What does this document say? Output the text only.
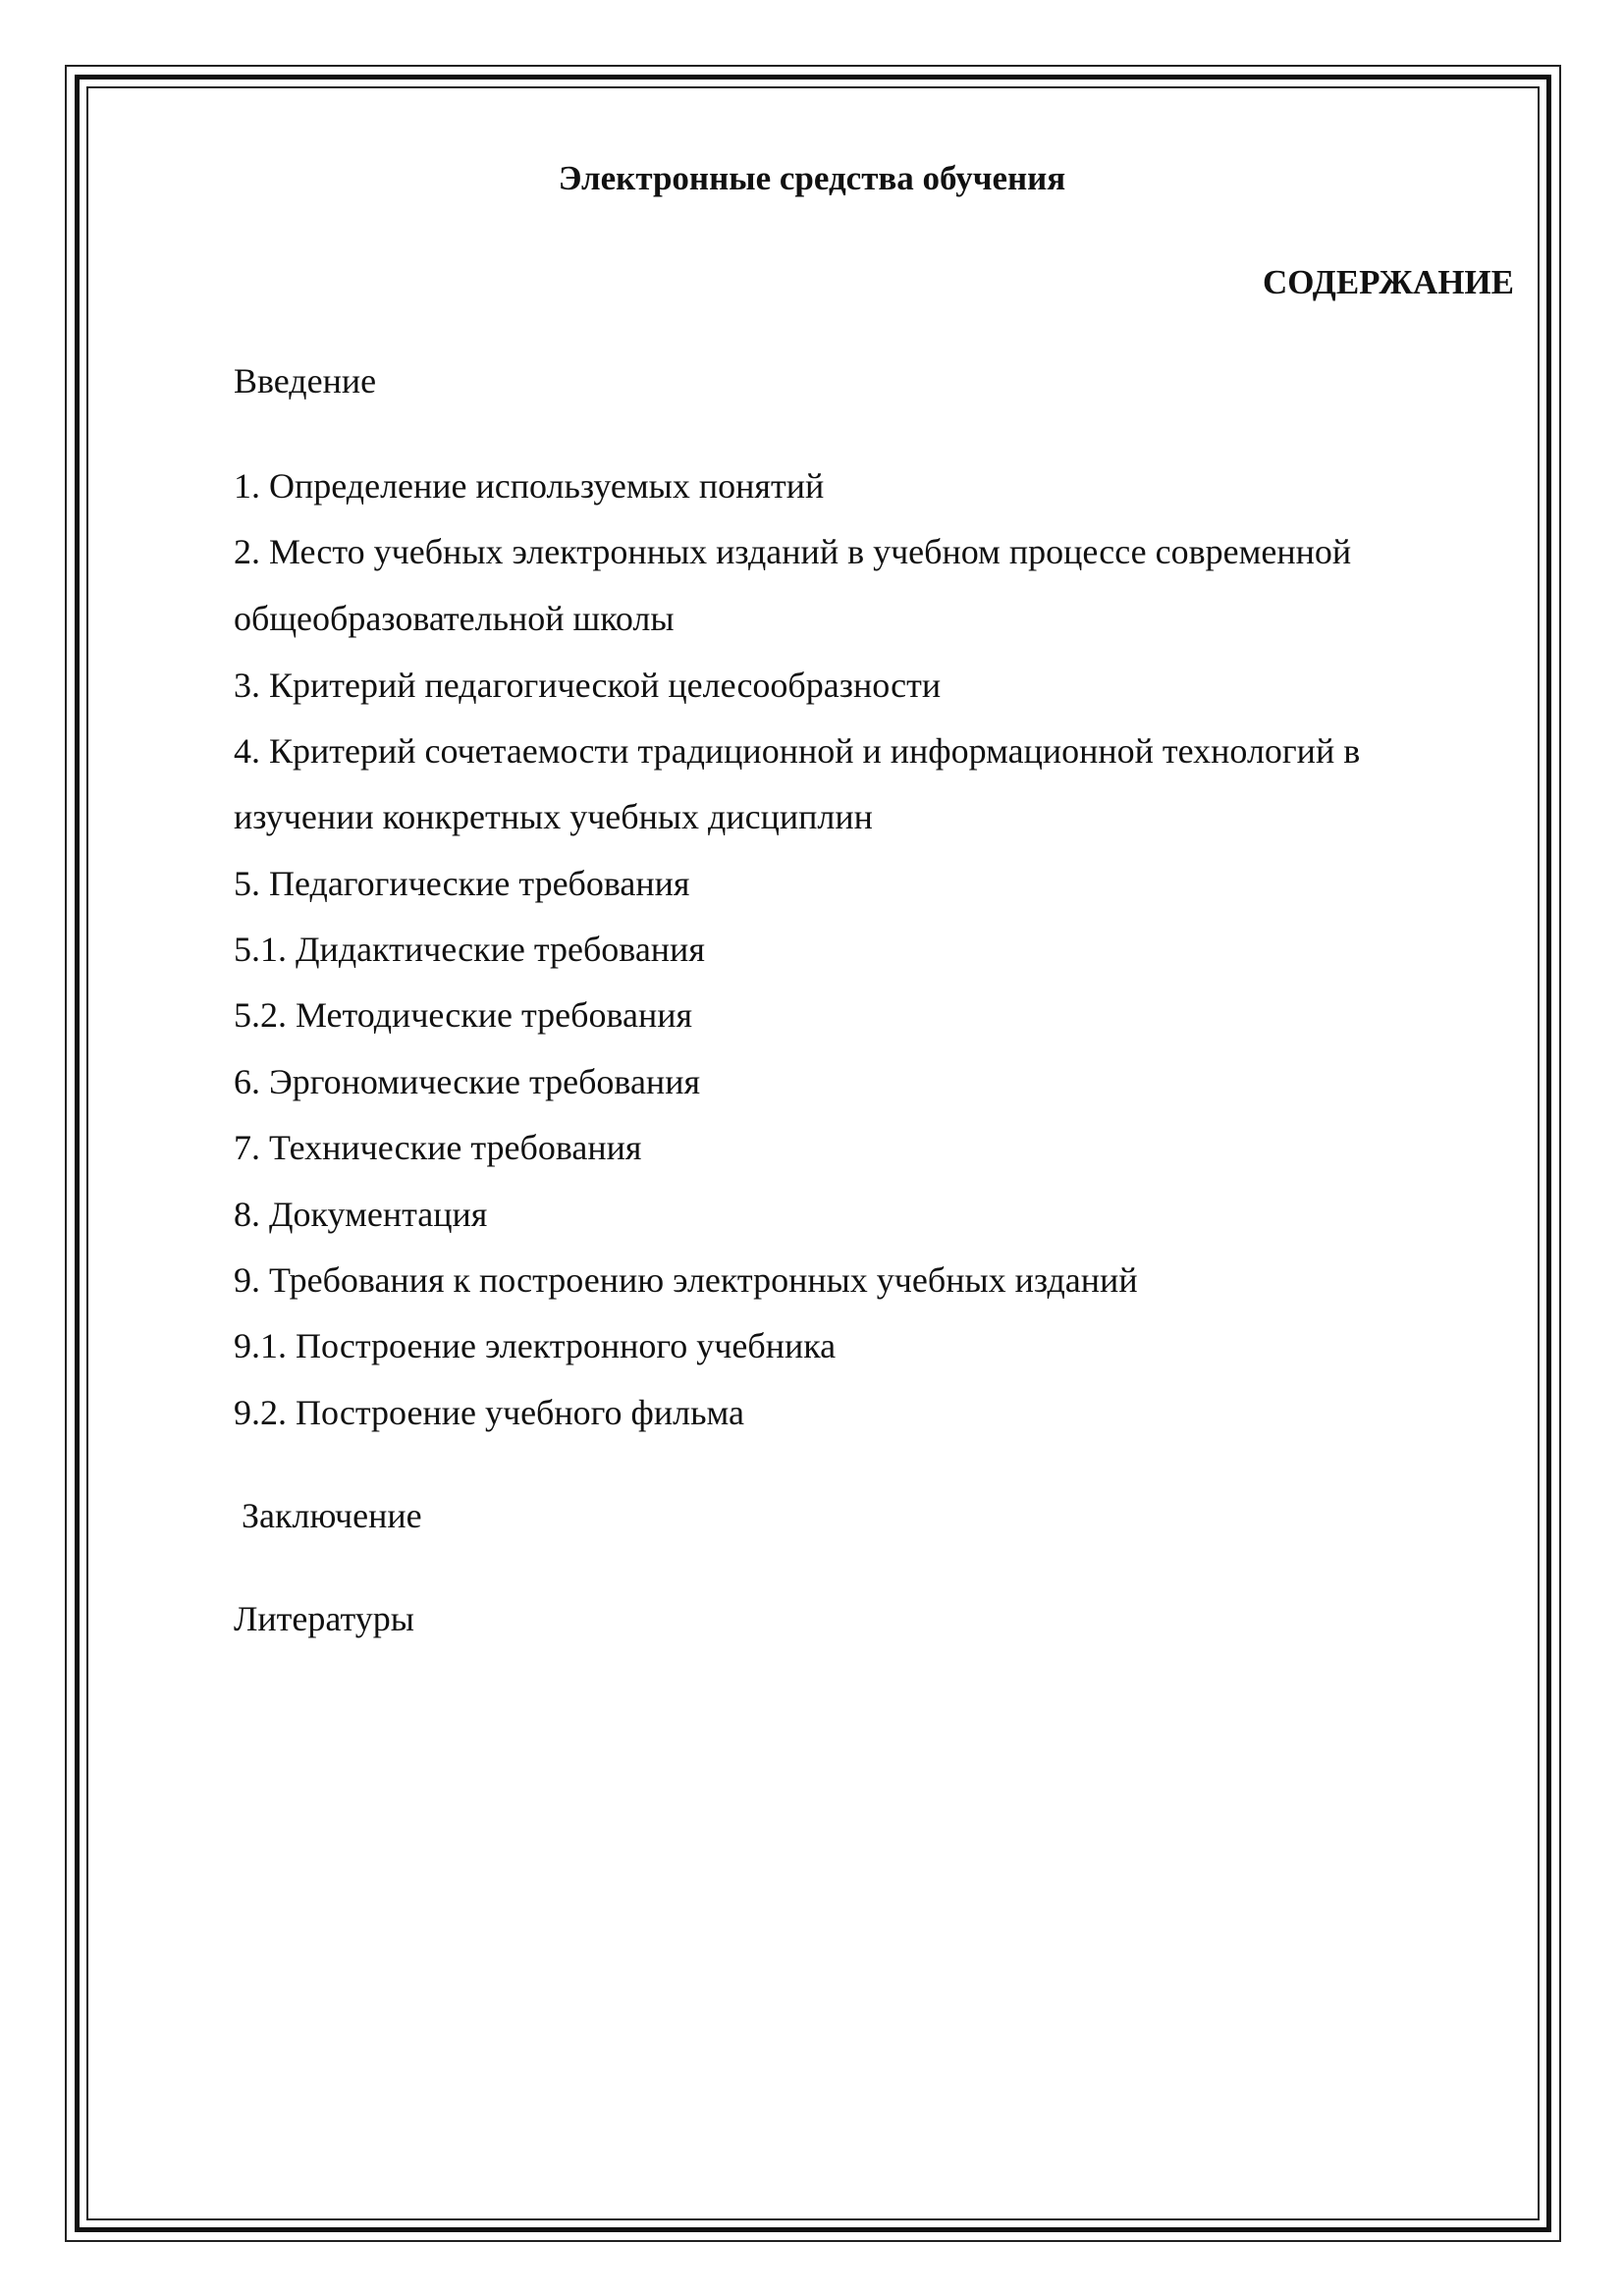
Электронные средства обучения
СОДЕРЖАНИЕ
Введение
1. Определение используемых понятий
2. Место учебных электронных изданий в учебном процессе современной
общеобразовательной школы
3. Критерий педагогической целесообразности
4. Критерий сочетаемости традиционной и информационной технологий в
изучении конкретных учебных дисциплин
5. Педагогические требования
5.1. Дидактические требования
5.2. Методические требования
6. Эргономические требования
7. Технические требования
8. Документация
9. Требования к построению электронных учебных изданий
9.1. Построение электронного учебника
9.2. Построение учебного фильма
Заключение
Литературы
